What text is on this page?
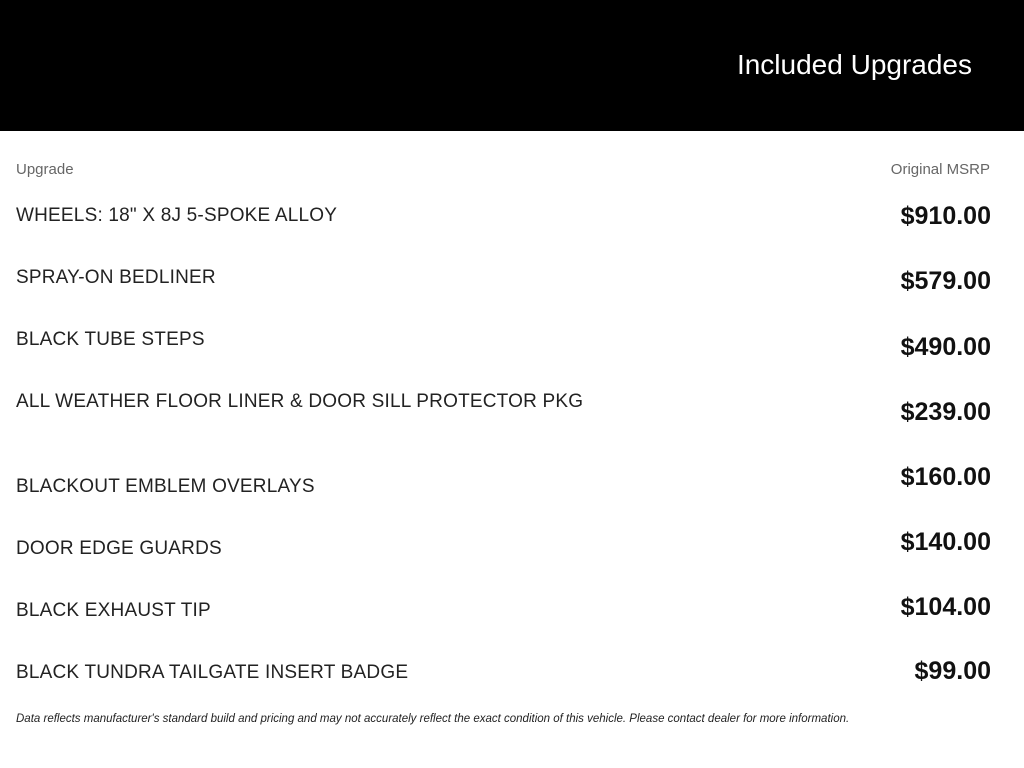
Included Upgrades
Upgrade	Original MSRP
WHEELS: 18" X 8J 5-SPOKE ALLOY	$910.00
SPRAY-ON BEDLINER	$579.00
BLACK TUBE STEPS	$490.00
ALL WEATHER FLOOR LINER & DOOR SILL PROTECTOR PKG	$239.00
BLACKOUT EMBLEM OVERLAYS	$160.00
DOOR EDGE GUARDS	$140.00
BLACK EXHAUST TIP	$104.00
BLACK TUNDRA TAILGATE INSERT BADGE	$99.00
Data reflects manufacturer's standard build and pricing and may not accurately reflect the exact condition of this vehicle. Please contact dealer for more information.
